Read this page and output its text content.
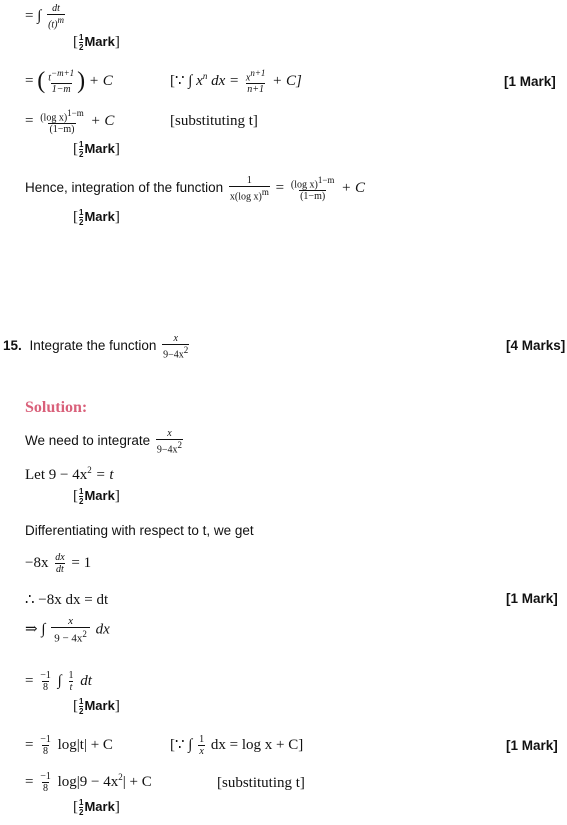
= ∫ $\frac{dt}{(t)^m}$
[ $\frac{1}{2}$ Mark]
= ( $\frac{t^{-m+1}}{1-m}$ ) + C	[∵ ∫ $x^n$ dx = $\frac{x^{n+1}}{n+1} + C$]	[1 Mark]
= $\frac{(\log x)^{1-m}}{(1-m)} + C$	[substituting t]
[ $\frac{1}{2}$ Mark]
Hence, integration of the function $\frac{1}{x(\log x)^m} = \frac{(\log x)^{1-m}}{(1-m)} + C$
[ $\frac{1}{2}$ Mark]
15. Integrate the function $\frac{x}{9-4x^2}$	[4 Marks]
Solution:
We need to integrate $\frac{x}{9-4x^2}$
Let $9 - 4x^2 = t$
[ $\frac{1}{2}$ Mark]
Differentiating with respect to t, we get
$-8x \frac{dx}{dt} = 1$
∴ −8x dx = dt	[1 Mark]
⇒ ∫ $\frac{x}{9 - 4x^2}$ dx
= $\frac{-1}{8}$ ∫ $\frac{1}{t}$ dt
[ $\frac{1}{2}$ Mark]
= $\frac{-1}{8} \log|t| + C$	[∵ ∫ $\frac{1}{x}$ dx = log x + C]	[1 Mark]
= $\frac{-1}{8} \log|9 - 4x^2| + C$	[substituting t]
[ $\frac{1}{2}$ Mark]
